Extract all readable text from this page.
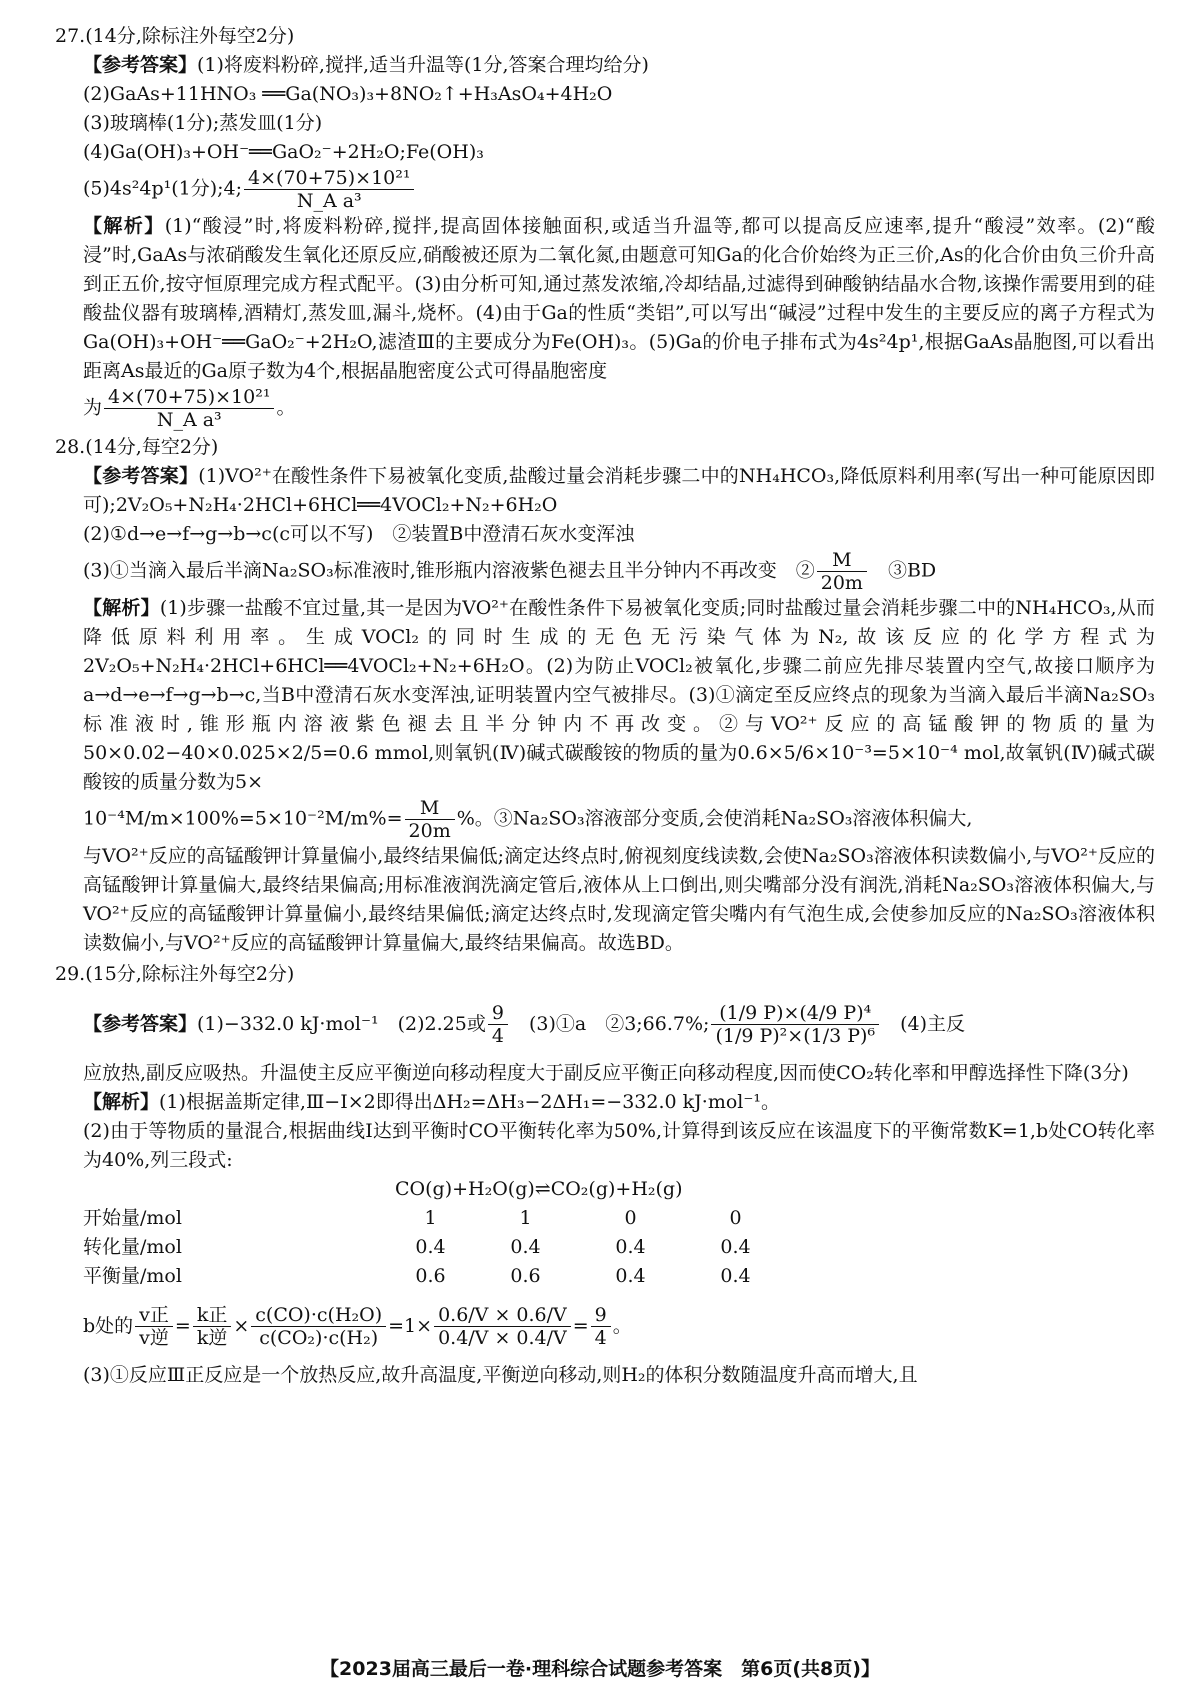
27.(14分,除标注外每空2分)

【参考答案】(1)将废料粉碎,搅拌,适当升温等(1分,答案合理均给分)

(2)GaAs+11HNO₃ ══Ga(NO₃)₃+8NO₂↑+H₃AsO₄+4H₂O

(3)玻璃棒(1分);蒸发皿(1分)

(4)Ga(OH)₃+OH⁻══GaO₂⁻+2H₂O;Fe(OH)₃

(5)4s²4p¹(1分);4; $\frac{\text{4×(70+75)×10²¹}}{\text{N\_A a³}}$

【解析】(1)“酸浸”时,将废料粉碎,搅拌,提高固体接触面积,或适当升温等,都可以提高反应速率,提升“酸浸”效率。(2)“酸浸”时,GaAs与浓硝酸发生氧化还原反应,硝酸被还原为二氧化氮,由题意可知Ga的化合价始终为正三价,As的化合价由负三价升高到正五价,按守恒原理完成方程式配平。(3)由分析可知,通过蒸发浓缩,冷却结晶,过滤得到砷酸钠结晶水合物,该操作需要用到的硅酸盐仪器有玻璃棒,酒精灯,蒸发皿,漏斗,烧杯。(4)由于Ga的性质“类铝”,可以写出“碱浸”过程中发生的主要反应的离子方程式为Ga(OH)₃+OH⁻══GaO₂⁻+2H₂O,滤渣Ⅲ的主要成分为Fe(OH)₃。(5)Ga的价电子排布式为4s²4p¹,根据GaAs晶胞图,可以看出距离As最近的Ga原子数为4个,根据晶胞密度公式可得晶胞密度

为 $\frac{\text{4×(70+75)×10²¹}}{\text{N\_A a³}}$ 。

28.(14分,每空2分)

【参考答案】(1)VO²⁺在酸性条件下易被氧化变质,盐酸过量会消耗步骤二中的NH₄HCO₃,降低原料利用率(写出一种可能原因即可);2V₂O₅+N₂H₄·2HCl+6HCl══4VOCl₂+N₂+6H₂O

(2)①d→e→f→g→b→c(c可以不写)　②装置B中澄清石灰水变浑浊

(3)①当滴入最后半滴Na₂SO₃标准液时,锥形瓶内溶液紫色褪去且半分钟内不再改变　② $\frac{M}{20m}$ 　③BD

【解析】(1)步骤一盐酸不宜过量,其一是因为VO²⁺在酸性条件下易被氧化变质;同时盐酸过量会消耗步骤二中的NH₄HCO₃,从而降低原料利用率。生成VOCl₂的同时生成的无色无污染气体为N₂,故该反应的化学方程式为2V₂O₅+N₂H₄·2HCl+6HCl══4VOCl₂+N₂+6H₂O。(2)为防止VOCl₂被氧化,步骤二前应先排尽装置内空气,故接口顺序为a→d→e→f→g→b→c,当B中澄清石灰水变浑浊,证明装置内空气被排尽。(3)①滴定至反应终点的现象为当滴入最后半滴Na₂SO₃标准液时,锥形瓶内溶液紫色褪去且半分钟内不再改变。②与VO²⁺反应的高锰酸钾的物质的量为50×0.02−40×0.025×2/5=0.6 mmol,则氧钒(Ⅳ)碱式碳酸铵的物质的量为0.6×5/6×10⁻³=5×10⁻⁴ mol,故氧钒(Ⅳ)碱式碳酸铵的质量分数为5×

$10^{-4}M/m\times 100\%=5\times 10^{-2}M/m\%= \frac{M}{20m}$ %。③Na₂SO₃溶液部分变质,会使消耗Na₂SO₃溶液体积偏大,

与VO²⁺反应的高锰酸钾计算量偏小,最终结果偏低;滴定达终点时,俯视刻度线读数,会使Na₂SO₃溶液体积读数偏小,与VO²⁺反应的高锰酸钾计算量偏大,最终结果偏高;用标准液润洗滴定管后,液体从上口倒出,则尖嘴部分没有润洗,消耗Na₂SO₃溶液体积偏大,与VO²⁺反应的高锰酸钾计算量偏小,最终结果偏低;滴定达终点时,发现滴定管尖嘴内有气泡生成,会使参加反应的Na₂SO₃溶液体积读数偏小,与VO²⁺反应的高锰酸钾计算量偏大,最终结果偏高。故选BD。

29.(15分,除标注外每空2分)

【参考答案】 (1)−332.0 kJ·mol⁻¹　(2)2.25或 $\frac{9}{4}$ 　(3)①a　②3;66.7%; $\frac{\text{(1/9 P)×(4/9 P)⁴}}{\text{(1/9 P)²×(1/3 P)⁶}}$ 　(4)主反

应放热,副反应吸热。升温使主反应平衡逆向移动程度大于副反应平衡正向移动程度,因而使CO₂转化率和甲醇选择性下降(3分)

【解析】(1)根据盖斯定律,Ⅲ−Ⅰ×2即得出ΔH₂=ΔH₃−2ΔH₁=−332.0 kJ·mol⁻¹。

(2)由于等物质的量混合,根据曲线Ⅰ达到平衡时CO平衡转化率为50%,计算得到该反应在该温度下的平衡常数K=1,b处CO转化率为40%,列三段式:

CO(g)+H₂O(g)⇌CO₂(g)+H₂(g)

开始量/mol	1	1	0	0
转化量/mol	0.4	0.4	0.4	0.4
平衡量/mol	0.6	0.6	0.4	0.4
b处的 $\frac{\text{v正}}{\text{v逆}} = \frac{\text{k正}}{\text{k逆}} \times \frac{\text{c(CO)·c(H₂O)}}{\text{c(CO₂)·c(H₂)}} =1\times \frac{0.6/V \times 0.6/V}{0.4/V \times 0.4/V} = \frac{9}{4}$ 。

(3)①反应Ⅲ正反应是一个放热反应,故升高温度,平衡逆向移动,则H₂的体积分数随温度升高而增大,且

【2023届高三最后一卷·理科综合试题参考答案　第6页(共8页)】
